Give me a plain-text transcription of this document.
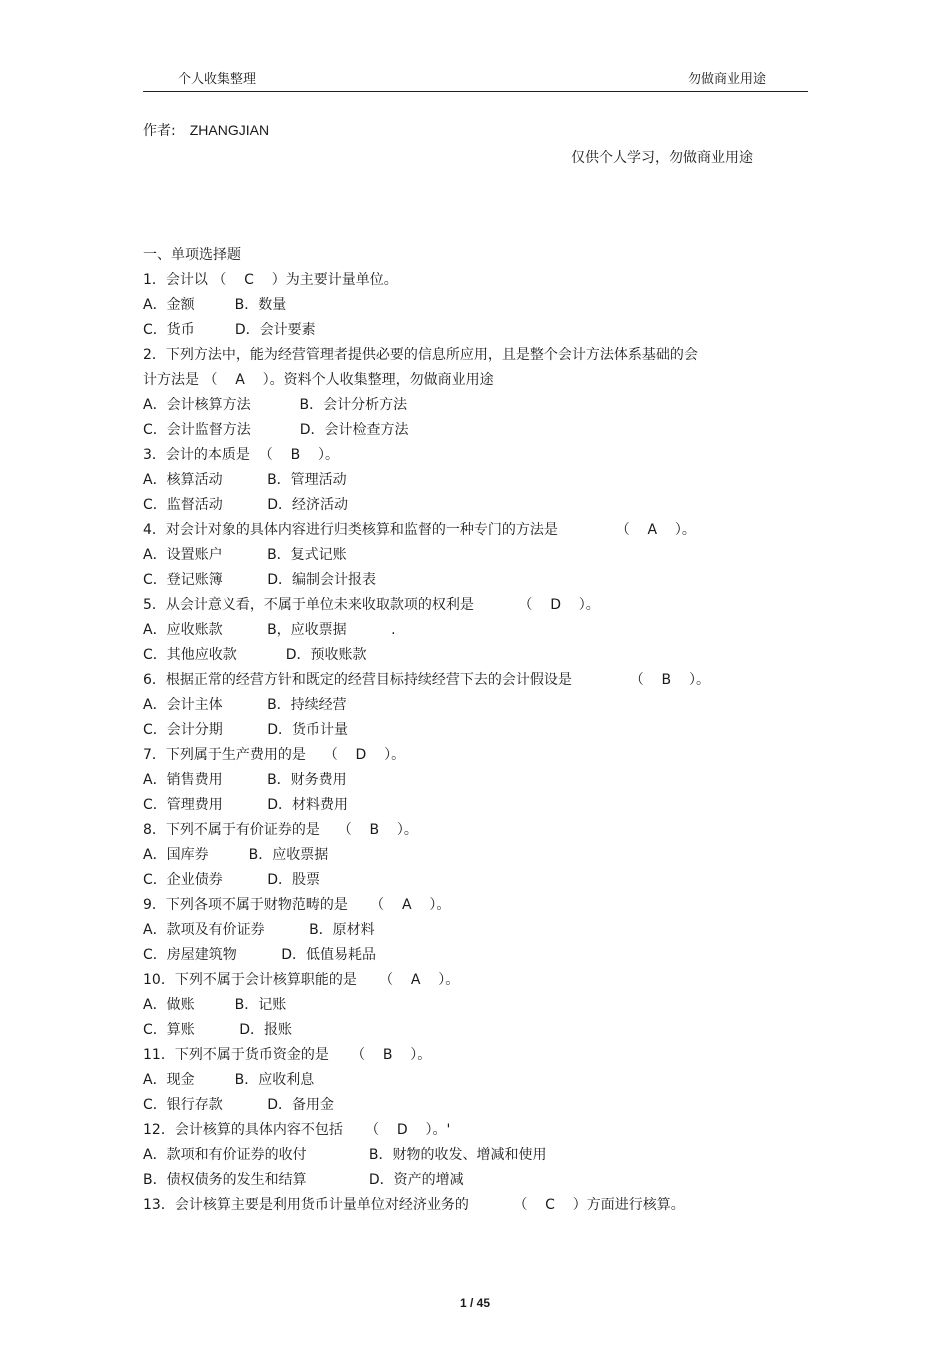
个人收集整理	勿做商业用途
作者: ZHANGJIAN
仅供个人学习，勿做商业用途
一、单项选择题
1．会计以 （    C    ）为主要计量单位。
A．金额         B．数量
C．货币         D．会计要素
2．下列方法中，能为经营管理者提供必要的信息所应用，且是整个会计方法体系基础的会
计方法是 （    A    ）。资料个人收集整理，勿做商业用途
A．会计核算方法           B．会计分析方法
C．会计监督方法           D．会计检查方法
3．会计的本质是  （    B    ）。
A．核算活动          B．管理活动
C．监督活动          D．经济活动
4．对会计对象的具体内容进行归类核算和监督的一种专门的方法是             （    A    ）。
A．设置账户          B．复式记账
C．登记账簿          D．编制会计报表
5．从会计意义看，不属于单位未来收取款项的权利是          （    D    ）。
A．应收账款          B，应收票据          .
C．其他应收款           D．预收账款
6．根据正常的经营方针和既定的经营目标持续经营下去的会计假设是             （    B    ）。
A．会计主体          B．持续经营
C．会计分期          D．货币计量
7．下列属于生产费用的是    （    D    ）。
A．销售费用          B．财务费用
C．管理费用          D．材料费用
8．下列不属于有价证券的是    （    B    ）。
A．国库券         B．应收票据
C．企业债券          D．股票
9．下列各项不属于财物范畴的是     （    A    ）。
A．款项及有价证券          B．原材料
C．房屋建筑物          D．低值易耗品
10．下列不属于会计核算职能的是     （    A    ）。
A．做账         B．记账
C．算账          D．报账
11．下列不属于货币资金的是     （    B    ）。
A．现金         B．应收利息
C．银行存款          D．备用金
12．会计核算的具体内容不包括     （    D    ）。'
A．款项和有价证券的收付              B．财物的收发、增减和使用
B．债权债务的发生和结算              D．资产的增减
13．会计核算主要是利用货币计量单位对经济业务的          （    C    ）方面进行核算。
1 / 45
